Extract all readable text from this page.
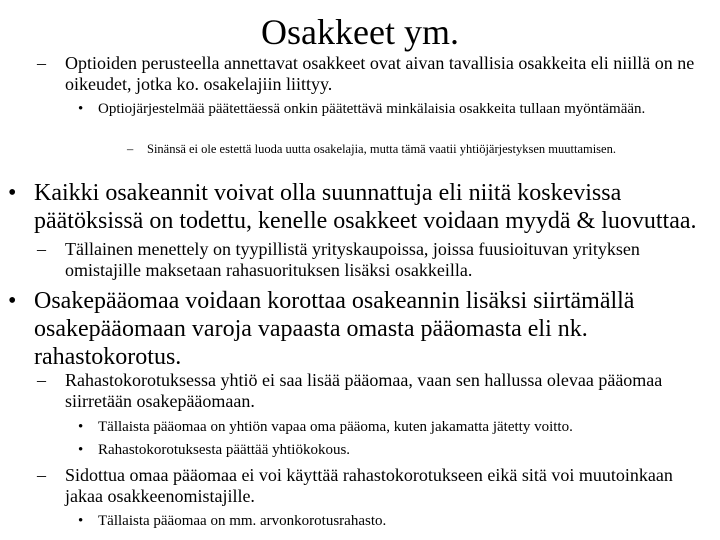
Osakkeet ym.
–	Optioiden perusteella annettavat osakkeet ovat aivan tavallisia osakkeita eli niillä on ne oikeudet, jotka ko. osakelajiin liittyy.
• Optiojärjestelmää päätettäessä onkin päätettävä minkälaisia osakkeita tullaan myöntämään.
–	Sinänsä ei ole estettä luoda uutta osakelajia, mutta tämä vaatii yhtiöjärjestyksen muuttamisen.
• Kaikki osakeannit voivat olla suunnattuja eli niitä koskevissa päätöksissä on todettu, kenelle osakkeet voidaan myydä & luovuttaa.
–	Tällainen menettely on tyypillistä yrityskaupoissa, joissa fuusioituvan yrityksen omistajille maksetaan rahasuorituksen lisäksi osakkeilla.
• Osakepääomaa voidaan korottaa osakeannin lisäksi siirtämällä osakepääomaan varoja vapaasta omasta pääomasta eli nk. rahastokorotus.
–	Rahastokorotuksessa yhtiö ei saa lisää pääomaa, vaan sen hallussa olevaa pääomaa siirretään osakepääomaan.
• Tällaista pääomaa on yhtiön vapaa oma pääoma, kuten jakamatta jätetty voitto.
• Rahastokorotuksesta päättää yhtiökokous.
–	Sidottua omaa pääomaa ei voi käyttää rahastokorotukseen eikä sitä voi muutoinkaan jakaa osakkeenomistajille.
• Tällaista pääomaa on mm. arvonkorotusrahasto.
